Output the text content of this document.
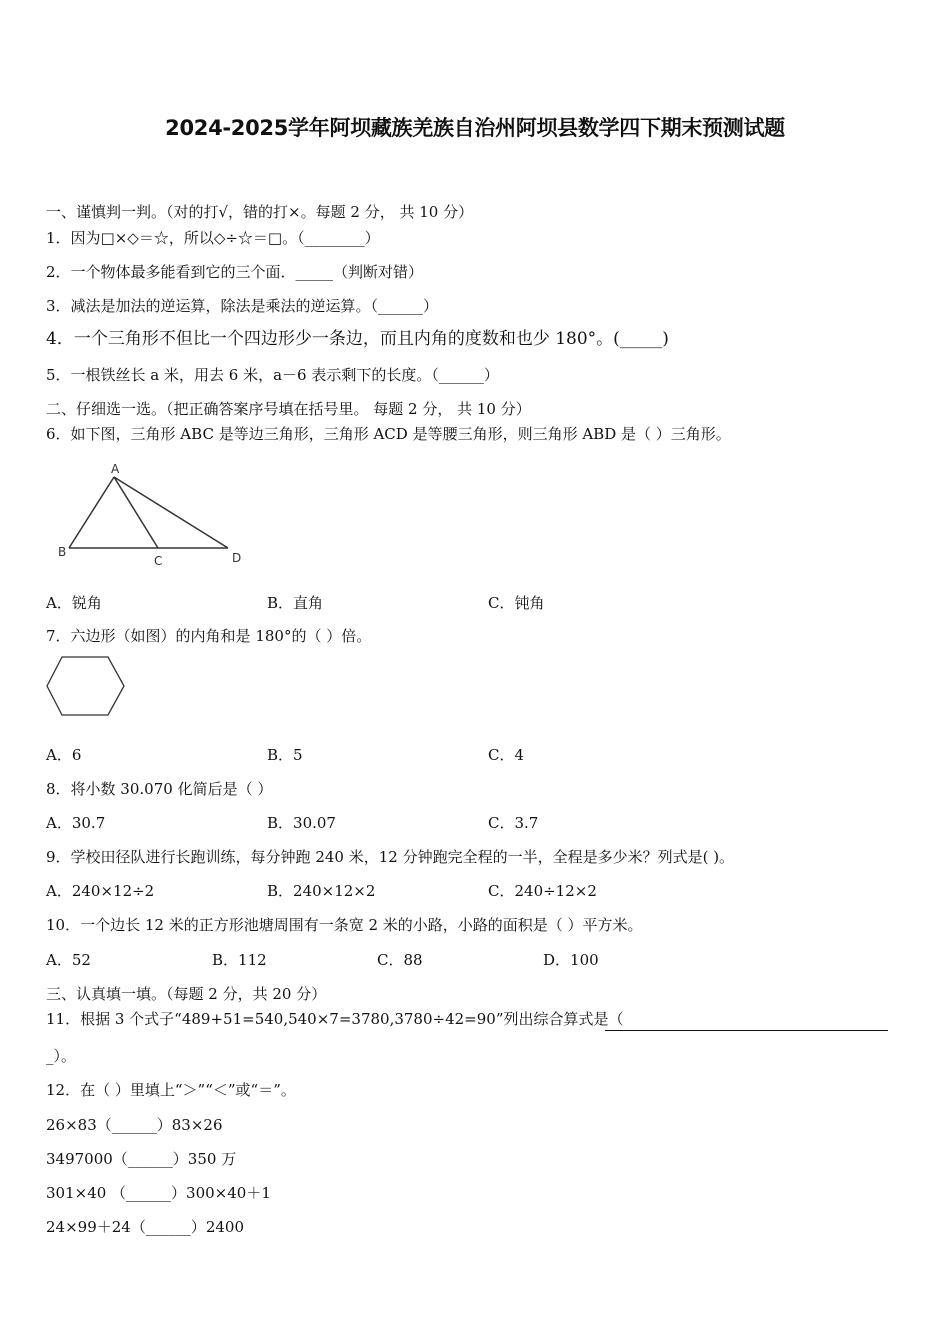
2024-2025学年阿坝藏族羌族自治州阿坝县数学四下期末预测试题
一、谨慎判一判。（对的打√，错的打×。每题 2 分， 共 10 分）
1．因为□×◇＝☆，所以◇÷☆＝□。（________）
2．一个物体最多能看到它的三个面．_____（判断对错）
3．减法是加法的逆运算，除法是乘法的逆运算。（______）
4．一个三角形不但比一个四边形少一条边，而且内角的度数和也少 180°。(_____)
5．一根铁丝长 a 米，用去 6 米，a－6 表示剩下的长度。（______）
二、仔细选一选。（把正确答案序号填在括号里。 每题 2 分， 共 10 分）
6．如下图，三角形 ABC 是等边三角形，三角形 ACD 是等腰三角形，则三角形 ABD 是（ ）三角形。
A
B
C	D
A．锐角	B．直角	C．钝角
7．六边形（如图）的内角和是 180°的（ ）倍。
A．6	B．5	C．4
8．将小数 30.070 化简后是（ ）
A．30.7	B．30.07	C．3.7
9．学校田径队进行长跑训练，每分钟跑 240 米，12 分钟跑完全程的一半，全程是多少米？列式是( )。
A．240×12÷2	B．240×12×2	C．240÷12×2
10．一个边长 12 米的正方形池塘周围有一条宽 2 米的小路，小路的面积是（ ）平方米。
A．52	B．112	C．88	D．100
三、认真填一填。（每题 2 分，共 20 分）
11．根据 3 个式子“489+51=540,540×7=3780,3780÷42=90”列出综合算式是（
_）。
12．在（ ）里填上“＞”“＜”或“＝”。
26×83（______）83×26
3497000（______）350 万
301×40 （______）300×40＋1
24×99＋24（______）2400
